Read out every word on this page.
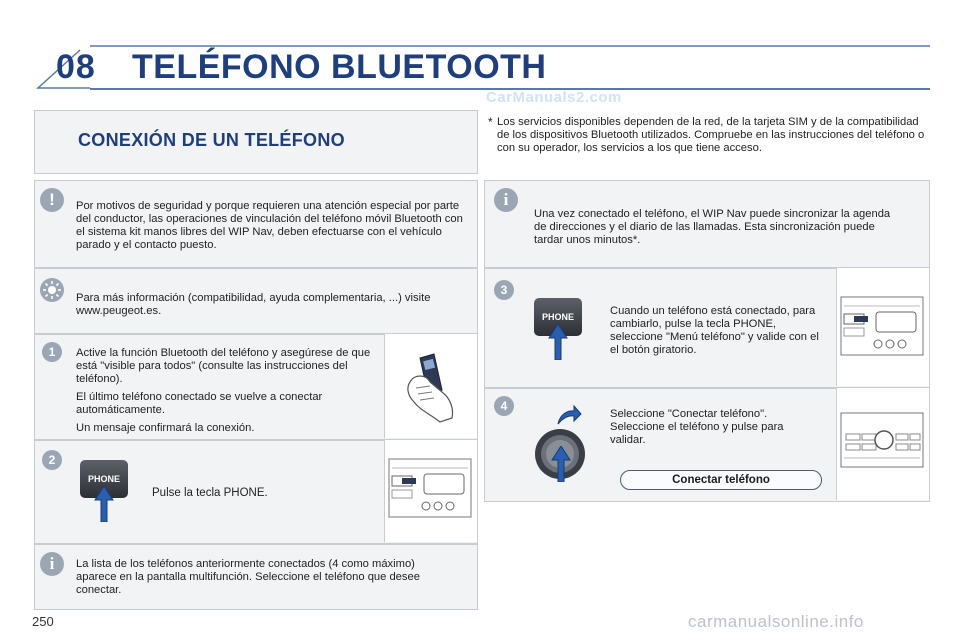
08 TELÉFONO BLUETOOTH
CarManuals2.com
CONEXIÓN DE UN TELÉFONO
* Los servicios disponibles dependen de la red, de la tarjeta SIM y de la compatibilidad de los dispositivos Bluetooth utilizados. Compruebe en las instrucciones del teléfono o con su operador, los servicios a los que tiene acceso.
!	Por motivos de seguridad y porque requieren una atención especial por parte del conductor, las operaciones de vinculación del teléfono móvil Bluetooth con el sistema kit manos libres del WIP Nav, deben efectuarse con el vehículo parado y el contacto puesto.
Para más información (compatibilidad, ayuda complementaria, ...) visite www.peugeot.es.
1	Active la función Bluetooth del teléfono y asegúrese de que está "visible para todos" (consulte las instrucciones del teléfono).

El último teléfono conectado se vuelve a conectar automáticamente.

Un mensaje confirmará la conexión.

2
PHONE
Pulse la tecla PHONE.
i	La lista de los teléfonos anteriormente conectados (4 como máximo) aparece en la pantalla multifunción. Seleccione el teléfono que desee conectar.
i
Una vez conectado el teléfono, el WIP Nav puede sincronizar la agenda de direcciones y el diario de las llamadas. Esta sincronización puede tardar unos minutos*.
3
PHONE	Cuando un teléfono está conectado, para cambiarlo, pulse la tecla PHONE, seleccione "Menú teléfono" y valide con el el botón giratorio.
4
Seleccione "Conectar teléfono". Seleccione el teléfono y pulse para validar.
Conectar teléfono
250	carmanualsonline.info
